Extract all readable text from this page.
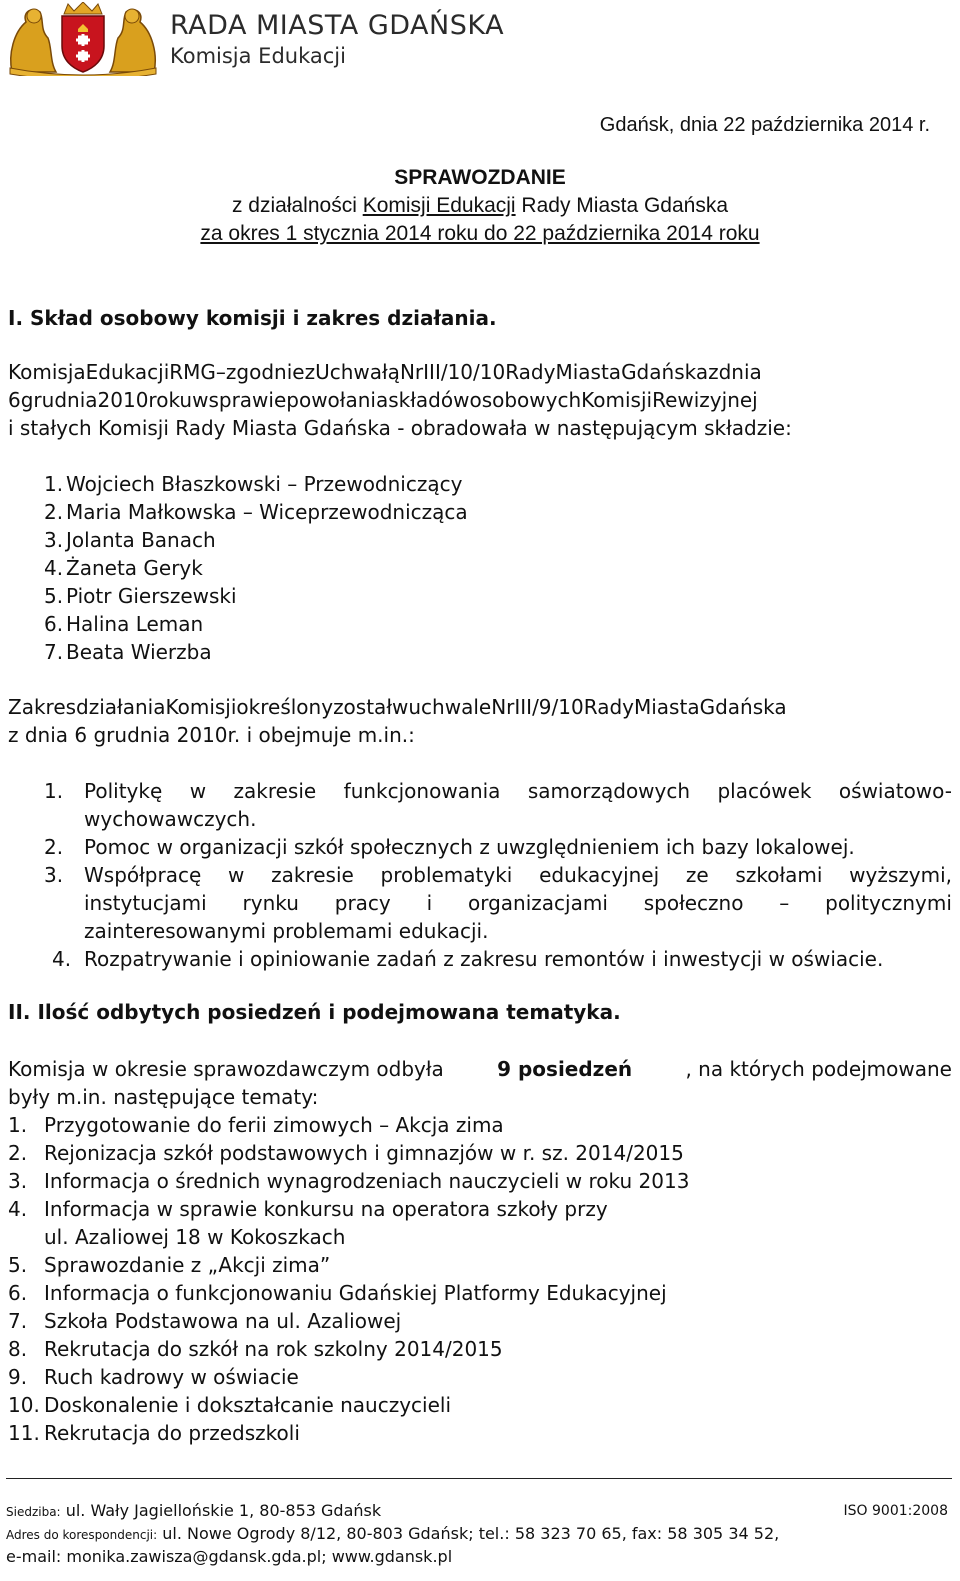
RADA MIASTA GDAŃSKA
Komisja Edukacji
Gdańsk, dnia 22 października 2014 r.
SPRAWOZDANIE
z działalności Komisji Edukacji Rady Miasta Gdańska
za okres 1 stycznia 2014 roku do 22 października 2014 roku
I. Skład osobowy komisji i zakres działania.
KomisjaEdukacjiRMG–zgodniezUchwałąNrIII/10/10RadyMiastaGdańskazdnia
6grudnia2010rokuwsprawiepowołaniaskładówosobowychKomisjiRewizyjnej
i stałych Komisji Rady Miasta Gdańska - obradowała w następującym składzie:
1. Wojciech Błaszkowski – Przewodniczący
2. Maria Małkowska – Wiceprzewodnicząca
3. Jolanta Banach
4. Żaneta Geryk
5. Piotr Gierszewski
6. Halina Leman
7. Beata Wierzba
ZakresdziałaniaKomisjiokreślonyzostałwuchwaleNrIII/9/10RadyMiastaGdańska
z dnia 6 grudnia 2010r. i obejmuje m.in.:
1. Politykę w zakresie funkcjonowania samorządowych placówek oświatowo-
wychowawczych.
2. Pomoc w organizacji szkół społecznych z uwzględnieniem ich bazy lokalowej.
3. Współpracę w zakresie problematyki edukacyjnej ze szkołami wyższymi,
instytucjami rynku pracy i organizacjami społeczno – politycznymi
zainteresowanymi problemami edukacji.
4. Rozpatrywanie i opiniowanie zadań z zakresu remontów i inwestycji w oświacie.
II. Ilość odbytych posiedzeń i podejmowana tematyka.
Komisja w okresie sprawozdawczym odbyła	9 posiedzeń	, na których podejmowane
były m.in. następujące tematy:
1. Przygotowanie do ferii zimowych – Akcja zima
2. Rejonizacja szkół podstawowych i gimnazjów w r. sz. 2014/2015
3. Informacja o średnich wynagrodzeniach nauczycieli w roku 2013
4. Informacja w sprawie konkursu na operatora szkoły przy
ul. Azaliowej 18 w Kokoszkach
5. Sprawozdanie z „Akcji zima”
6. Informacja o funkcjonowaniu Gdańskiej Platformy Edukacyjnej
7. Szkoła Podstawowa na ul. Azaliowej
8. Rekrutacja do szkół na rok szkolny 2014/2015
9. Ruch kadrowy w oświacie
10. Doskonalenie i dokształcanie nauczycieli
11. Rekrutacja do przedszkoli
Siedziba: ul. Wały Jagiellońskie 1, 80-853 Gdańsk	ISO 9001:2008
Adres do korespondencji: ul. Nowe Ogrody 8/12, 80-803 Gdańsk; tel.: 58 323 70 65, fax: 58 305 34 52,
e-mail: monika.zawisza@gdansk.gda.pl; www.gdansk.pl
